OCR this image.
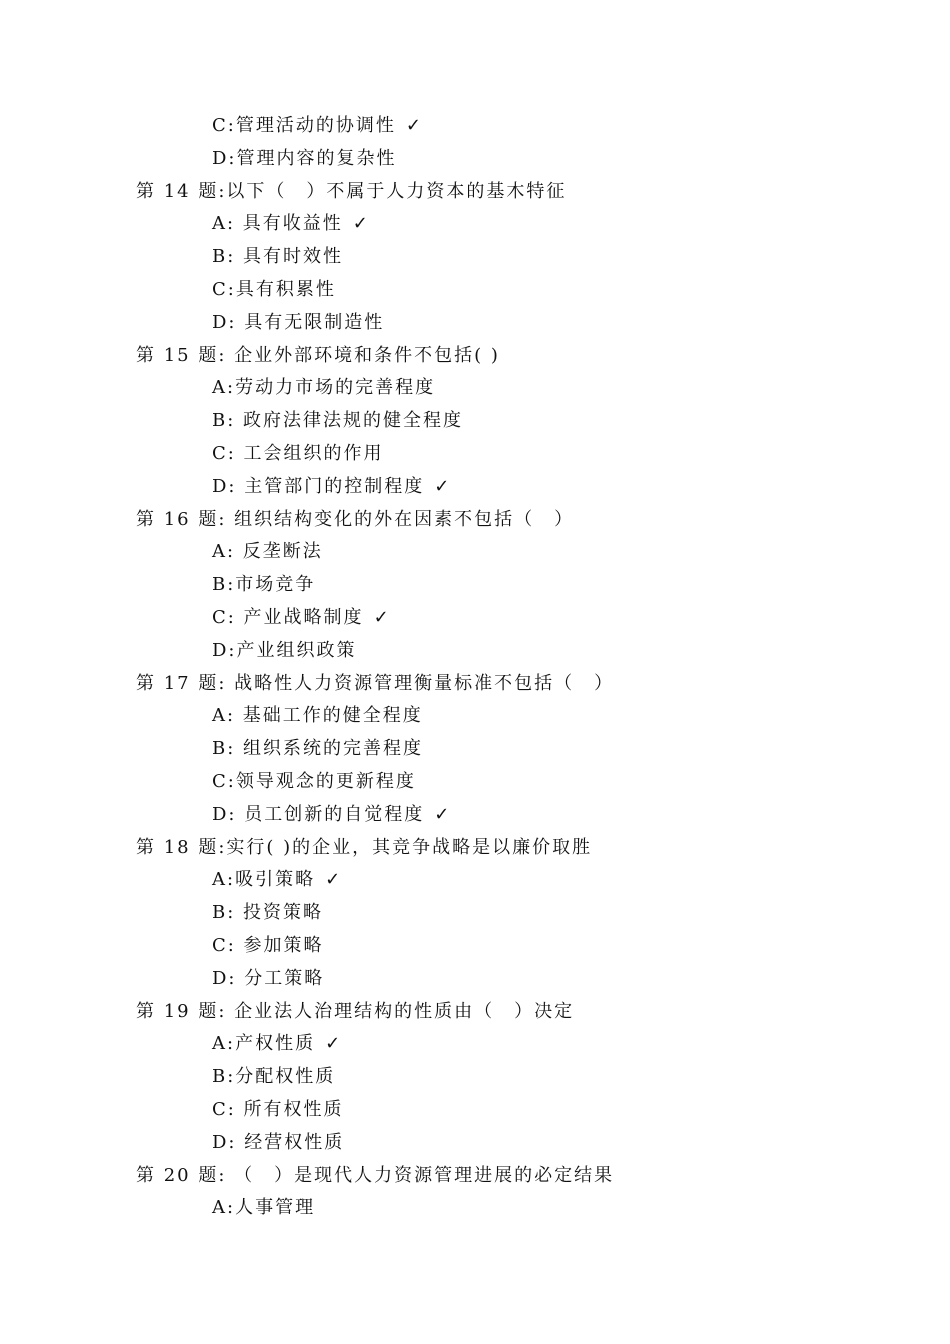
C:管理活动的协调性 ✓
D:管理内容的复杂性
第 14 题:以下（　）不属于人力资本的基木特征
A: 具有收益性 ✓
B: 具有时效性
C:具有积累性
D: 具有无限制造性
第 15 题: 企业外部环境和条件不包括( )
A:劳动力市场的完善程度
B: 政府法律法规的健全程度
C: 工会组织的作用
D: 主管部门的控制程度 ✓
第 16 题: 组织结构变化的外在因素不包括（　）
A: 反垄断法
B:市场竞争
C: 产业战略制度 ✓
D:产业组织政策
第 17 题: 战略性人力资源管理衡量标准不包括（　）
A: 基础工作的健全程度
B: 组织系统的完善程度
C:领导观念的更新程度
D: 员工创新的自觉程度 ✓
第 18 题:实行( )的企业，其竞争战略是以廉价取胜
A:吸引策略 ✓
B: 投资策略
C: 参加策略
D: 分工策略
第 19 题: 企业法人治理结构的性质由（　）决定
A:产权性质 ✓
B:分配权性质
C: 所有权性质
D: 经营权性质
第 20 题: （　）是现代人力资源管理进展的必定结果
A:人事管理
